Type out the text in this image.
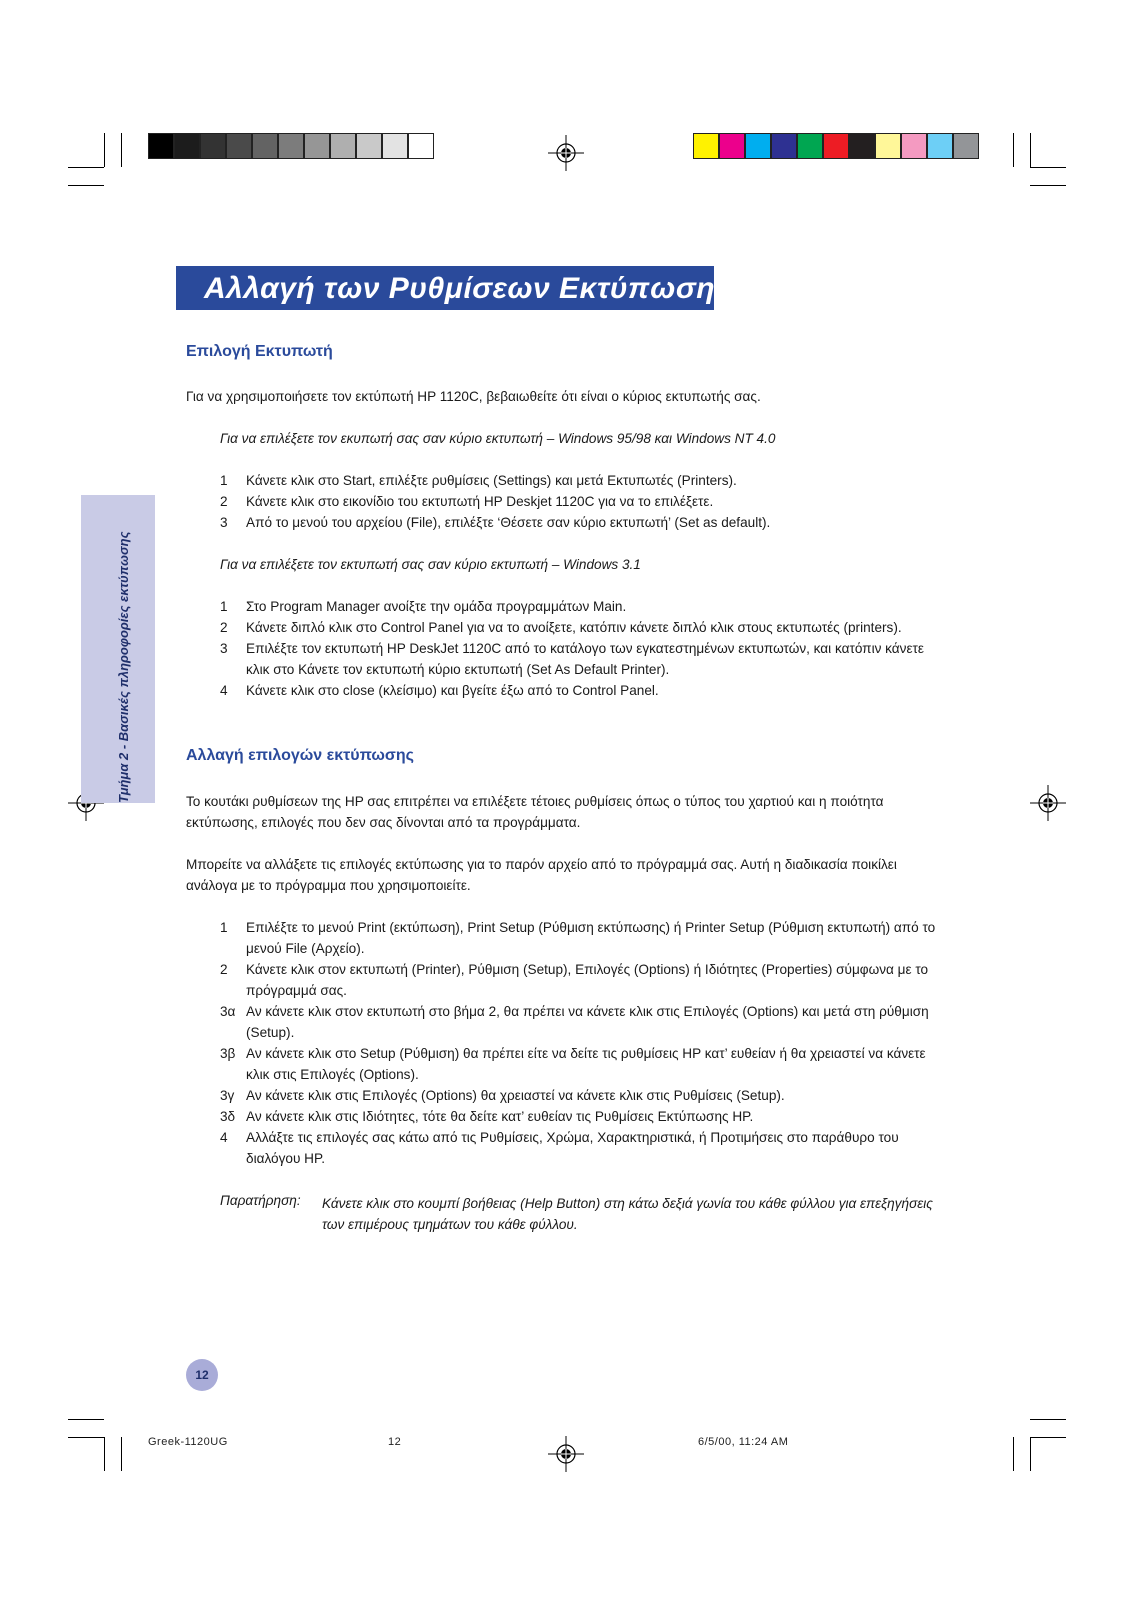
Τμήμα 2 - Βασικές πληροφορίες εκτύπωσης
Αλλαγή των Ρυθμίσεων Εκτύπωσης
Επιλογή Εκτυπωτή
Για να χρησιμοποιήσετε τον εκτύπωτή HP 1120C, βεβαιωθείτε ότι είναι ο κύριος εκτυπωτής σας.
Για να επιλέξετε τον εκυπωτή σας σαν κύριο εκτυπωτή – Windows 95/98 και Windows NT 4.0
1	Κάνετε κλικ στο Start, επιλέξτε ρυθμίσεις (Settings) και μετά Εκτυπωτές (Printers).
2	Κάνετε κλικ στο εικονίδιο του εκτυπωτή HP Deskjet 1120C για να το επιλέξετε.
3	Από το μενού του αρχείου (File), επιλέξτε ‘Θέσετε σαν κύριο εκτυπωτή’ (Set as default).
Για να επιλέξετε τον εκτυπωτή σας σαν κύριο εκτυπωτή – Windows 3.1
1	Στο Program Manager ανοίξτε την ομάδα προγραμμάτων Main.
2	Κάνετε διπλό κλικ στο Control Panel για να το ανοίξετε, κατόπιν κάνετε διπλό κλικ στους εκτυπωτές (printers).
3	Επιλέξτε τον εκτυπωτή HP DeskJet 1120C από το κατάλογο των εγκατεστημένων εκτυπωτών, και κατόπιν κάνετε κλικ στο Κάνετε τον εκτυπωτή κύριο εκτυπωτή (Set As Default Printer).
4	Κάνετε κλικ στο close (κλείσιμο) και βγείτε έξω από το Control Panel.
Αλλαγή επιλογών εκτύπωσης
Το κουτάκι ρυθμίσεων της HP σας επιτρέπει να επιλέξετε τέτοιες ρυθμίσεις όπως ο τύπος του χαρτιού και η ποιότητα εκτύπωσης, επιλογές που δεν σας δίνονται από τα προγράμματα.
Μπορείτε να αλλάξετε τις επιλογές εκτύπωσης για το παρόν αρχείο από το πρόγραμμά σας. Αυτή η διαδικασία ποικίλει ανάλογα με το πρόγραμμα που χρησιμοποιείτε.
1	Επιλέξτε το μενού Print (εκτύπωση), Print Setup (Ρύθμιση εκτύπωσης) ή Printer Setup (Ρύθμιση εκτυπωτή) από το μενού File (Αρχείο).
2	Κάνετε κλικ στον εκτυπωτή (Printer), Ρύθμιση (Setup), Επιλογές (Options) ή Ιδιότητες (Properties) σύμφωνα με το πρόγραμμά σας.
3α Αν κάνετε κλικ στον εκτυπωτή στο βήμα 2, θα πρέπει να κάνετε κλικ στις Επιλογές (Options) και μετά στη ρύθμιση (Setup).
3β Αν κάνετε κλικ στο Setup (Ρύθμιση) θα πρέπει είτε να δείτε τις ρυθμίσεις HP κατ’ ευθείαν ή θα χρειαστεί να κάνετε κλικ στις Επιλογές (Options).
3γ Αν κάνετε κλικ στις Επιλογές (Options) θα χρειαστεί να κάνετε κλικ στις Ρυθμίσεις (Setup).
3δ Αν κάνετε κλικ στις Ιδιότητες, τότε θα δείτε κατ’ ευθείαν τις Ρυθμίσεις Εκτύπωσης HP.
4	Αλλάξτε τις επιλογές σας κάτω από τις Ρυθμίσεις, Χρώμα, Χαρακτηριστικά, ή Προτιμήσεις στο παράθυρο του διαλόγου HP.
Παρατήρηση: Κάνετε κλικ στο κουμπί βοήθειας (Help Button) στη κάτω δεξιά γωνία του κάθε φύλλου για επεξηγήσεις των επιμέρους τμημάτων του κάθε φύλλου.
12
Greek-1120UG	12	6/5/00, 11:24 AM
